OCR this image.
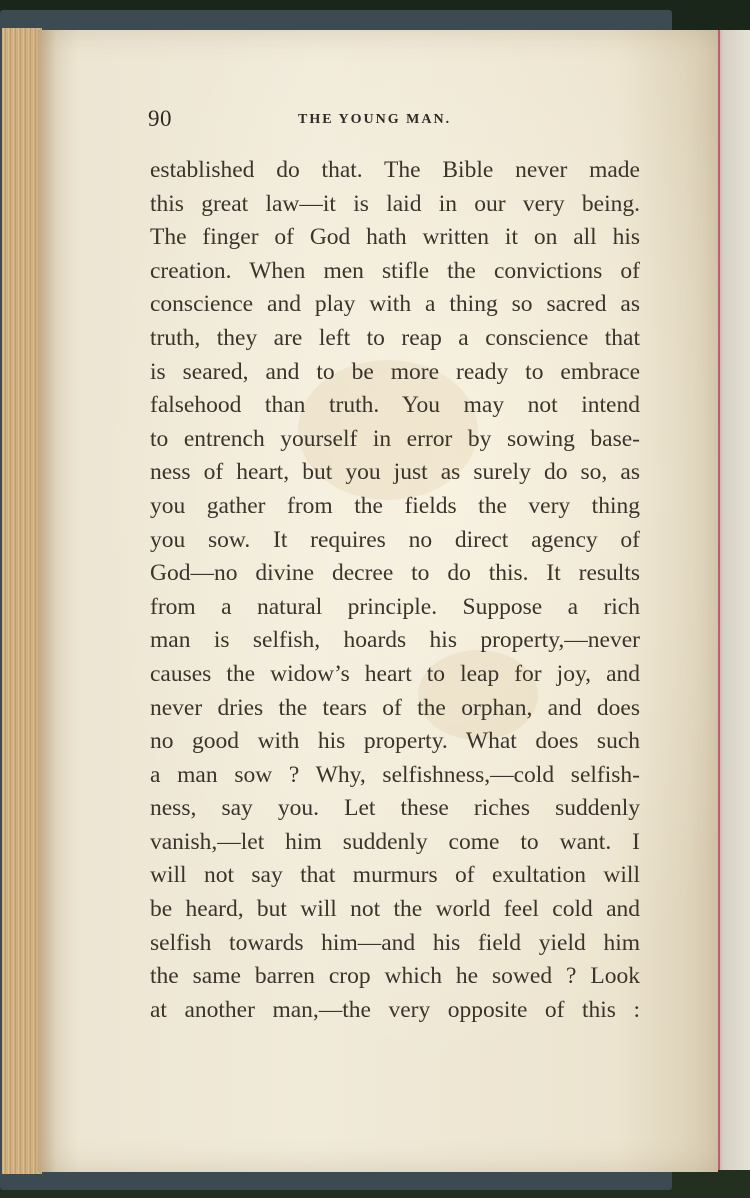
90	THE YOUNG MAN.
established do that. The Bible never made
this great law—it is laid in our very being.
The finger of God hath written it on all his
creation. When men stifle the convictions of
conscience and play with a thing so sacred as
truth, they are left to reap a conscience that
is seared, and to be more ready to embrace
falsehood than truth. You may not intend
to entrench yourself in error by sowing base-
ness of heart, but you just as surely do so, as
you gather from the fields the very thing
you sow. It requires no direct agency of
God—no divine decree to do this. It results
from a natural principle. Suppose a rich
man is selfish, hoards his property,—never
causes the widow’s heart to leap for joy, and
never dries the tears of the orphan, and does
no good with his property. What does such
a man sow ? Why, selfishness,—cold selfish-
ness, say you. Let these riches suddenly
vanish,—let him suddenly come to want. I
will not say that murmurs of exultation will
be heard, but will not the world feel cold and
selfish towards him—and his field yield him
the same barren crop which he sowed ? Look
at another man,—the very opposite of this :
